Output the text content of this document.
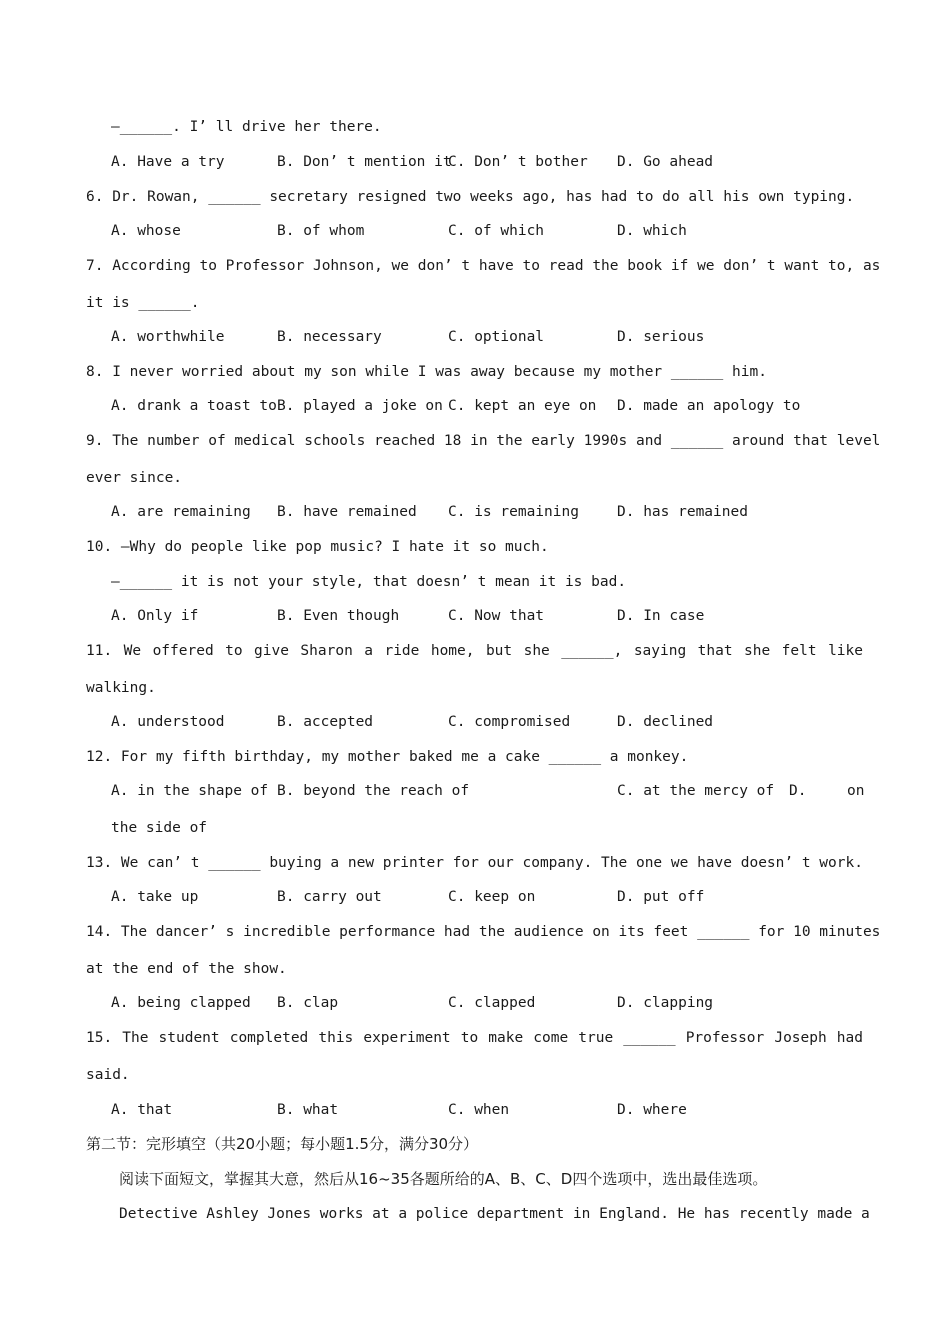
—______. I’ ll drive her there.
A. Have a try	B. Don’ t mention it
C. Don’ t bother D. Go ahead
6. Dr. Rowan, ______ secretary resigned two weeks ago, has had to do all his own typing.
A. whose	B. of whom	C. of which	D. which
7. According to Professor Johnson, we don’ t have to read the book if we don’ t want to, as
it is ______.
A. worthwhile	B. necessary	C. optional	D. serious
8. I never worried about my son while I was away because my mother ______ him.
A. drank a toast to B. played a joke on C. kept an eye on D. made an apology to
9. The number of medical schools reached 18 in the early 1990s and ______ around that level
ever since.
A. are remaining B. have remained C. is remaining	D. has remained
10. —Why do people like pop music? I hate it so much.
—______ it is not your style, that doesn’ t mean it is bad.
A. Only if	B. Even though	C. Now that	D. In case
11. We offered to give Sharon a ride home, but she ______, saying that she felt like
walking.
A. understood	B. accepted	C. compromised	D. declined
12. For my fifth birthday, my mother baked me a cake ______ a monkey.
A. in the shape of B. beyond the reach of	C. at the mercy of D.	on
the side of
13. We can’ t ______ buying a new printer for our company. The one we have doesn’ t work.
A. take up	B. carry out	C. keep on	D. put off
14. The dancer’ s incredible performance had the audience on its feet ______ for 10 minutes
at the end of the show.
A. being clapped B. clap	C. clapped	D. clapping
15. The student completed this experiment to make come true ______ Professor Joseph had
said.
A. that	B. what	C. when	D. where
第二节：完形填空（共20小题；每小题1.5分，满分30分）
阅读下面短文，掌握其大意，然后从16~35各题所给的A、B、C、D四个选项中，选出最佳选项。
Detective Ashley Jones works at a police department in England. He has recently made a
